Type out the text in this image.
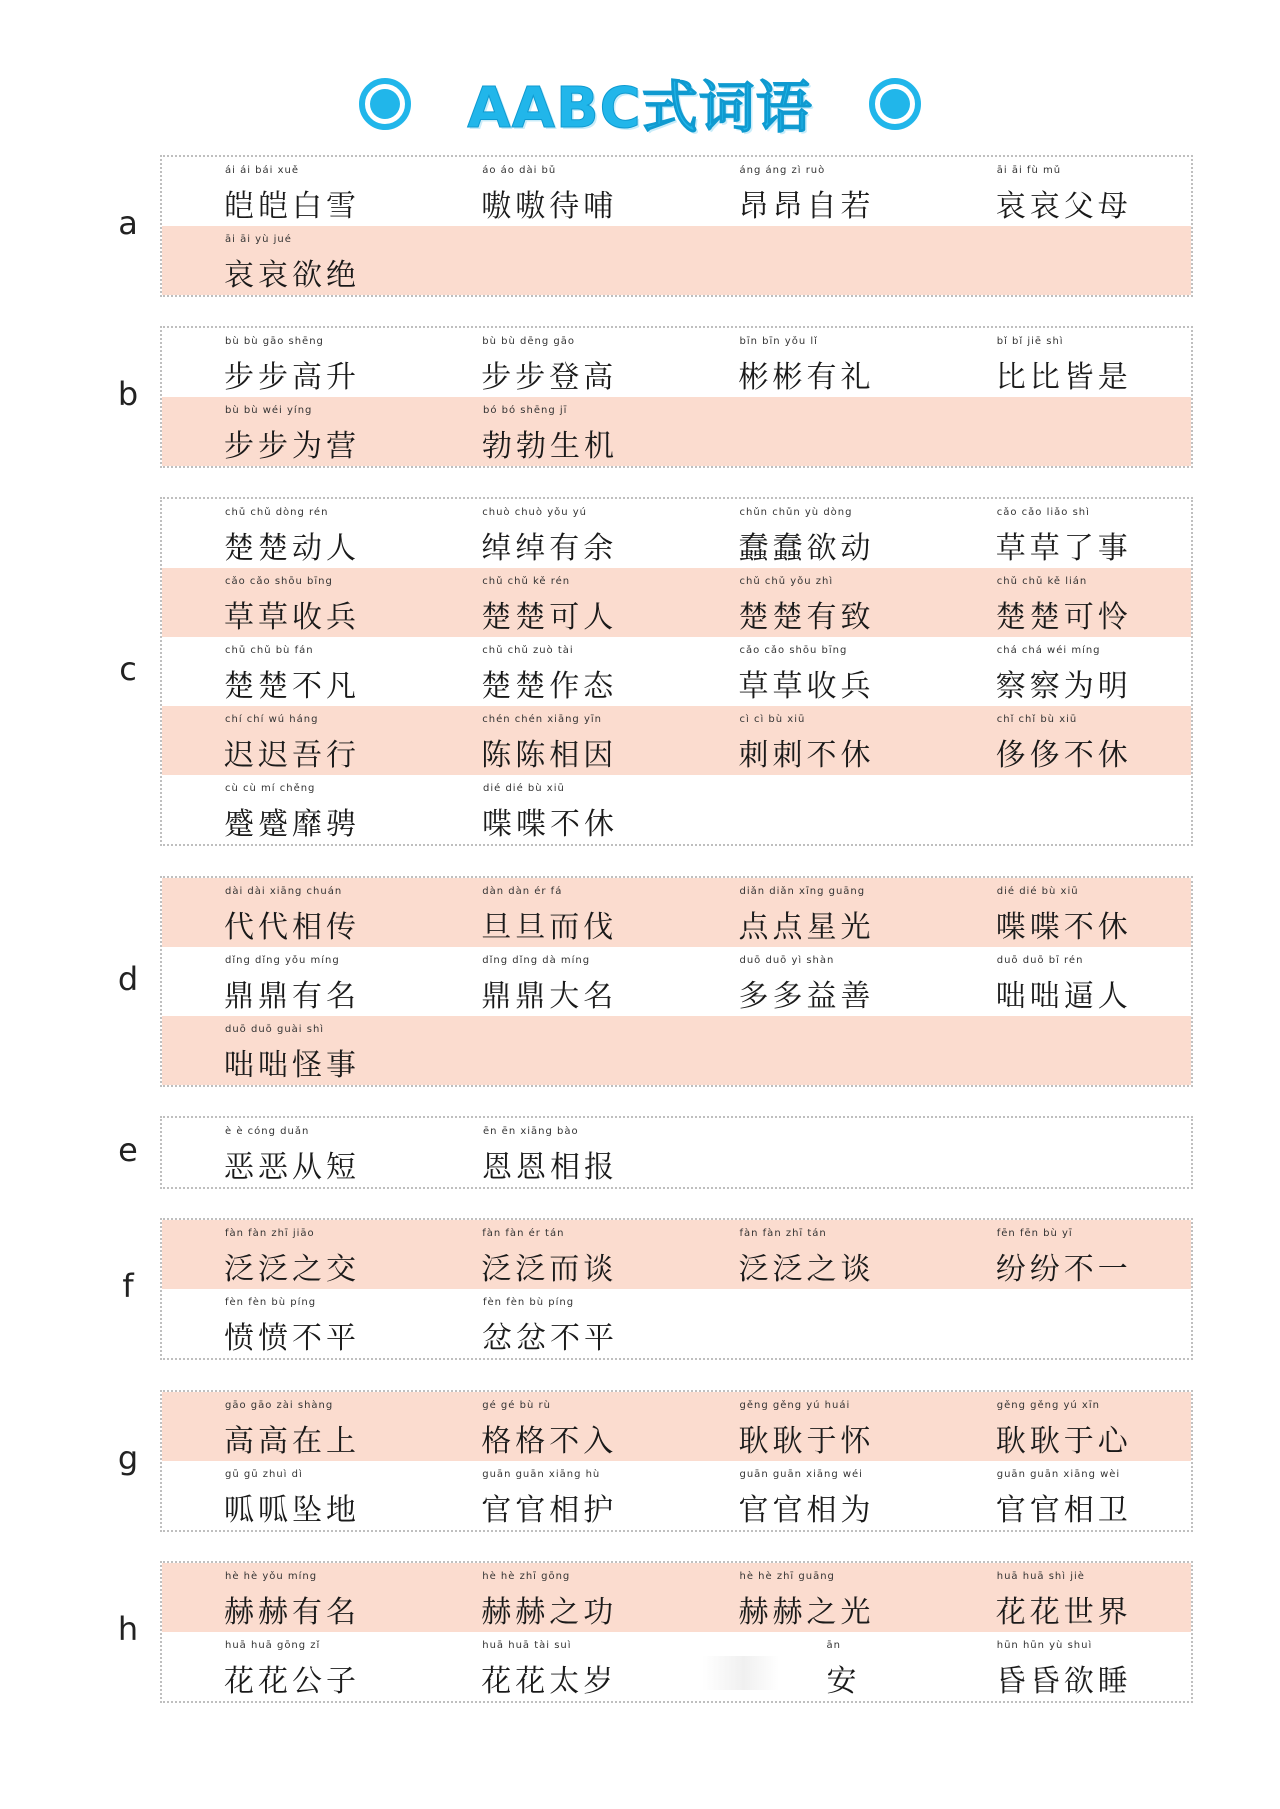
AABC式词语
ái ái bái xuě
皑皑白雪
áo áo dài bǔ
嗷嗷待哺
áng áng zì ruò
昂昂自若
āi āi fù mǔ
哀哀父母
āi āi yù jué
哀哀欲绝
bù bù gāo shēng
步步高升
bù bù dēng gāo
步步登高
bīn bīn yǒu lǐ
彬彬有礼
bǐ bǐ jiē shì
比比皆是
bù bù wéi yíng
步步为营
bó bó shēng jī
勃勃生机
chǔ chǔ dòng rén
楚楚动人
chuò chuò yǒu yú
绰绰有余
chǔn chǔn yù dòng
蠢蠢欲动
cǎo cǎo liǎo shì
草草了事
cǎo cǎo shōu bīng
草草收兵
chǔ chǔ kě rén
楚楚可人
chǔ chǔ yǒu zhì
楚楚有致
chǔ chǔ kě lián
楚楚可怜
chǔ chǔ bù fán
楚楚不凡
chǔ chǔ zuò tài
楚楚作态
cǎo cǎo shōu bīng
草草收兵
chá chá wéi míng
察察为明
chí chí wú háng
迟迟吾行
chén chén xiāng yīn
陈陈相因
cì cì bù xiū
刺刺不休
chǐ chǐ bù xiū
侈侈不休
cù cù mí chěng
蹙蹙靡骋
dié dié bù xiū
喋喋不休
dài dài xiāng chuán
代代相传
dàn dàn ér fá
旦旦而伐
diǎn diǎn xīng guāng
点点星光
dié dié bù xiū
喋喋不休
dǐng dǐng yǒu míng
鼎鼎有名
dǐng dǐng dà míng
鼎鼎大名
duō duō yì shàn
多多益善
duō duō bī rén
咄咄逼人
duō duō guài shì
咄咄怪事
è è cóng duǎn
恶恶从短
ēn ēn xiāng bào
恩恩相报
fàn fàn zhī jiāo
泛泛之交
fàn fàn ér tán
泛泛而谈
fàn fàn zhī tán
泛泛之谈
fēn fēn bù yī
纷纷不一
fèn fèn bù píng
愤愤不平
fèn fèn bù píng
忿忿不平
gāo gāo zài shàng
高高在上
gé gé bù rù
格格不入
gěng gěng yú huái
耿耿于怀
gěng gěng yú xīn
耿耿于心
gū gū zhuì dì
呱呱坠地
guān guān xiāng hù
官官相护
guān guān xiāng wéi
官官相为
guān guān xiāng wèi
官官相卫
hè hè yǒu míng
赫赫有名
hè hè zhī gōng
赫赫之功
hè hè zhī guāng
赫赫之光
huā huā shì jiè
花花世界
huā huā gōng zǐ
花花公子
huā huā tài suì
花花太岁
ān
安
hūn hūn yù shuì
昏昏欲睡
a
b
c
d
e
f
g
h
